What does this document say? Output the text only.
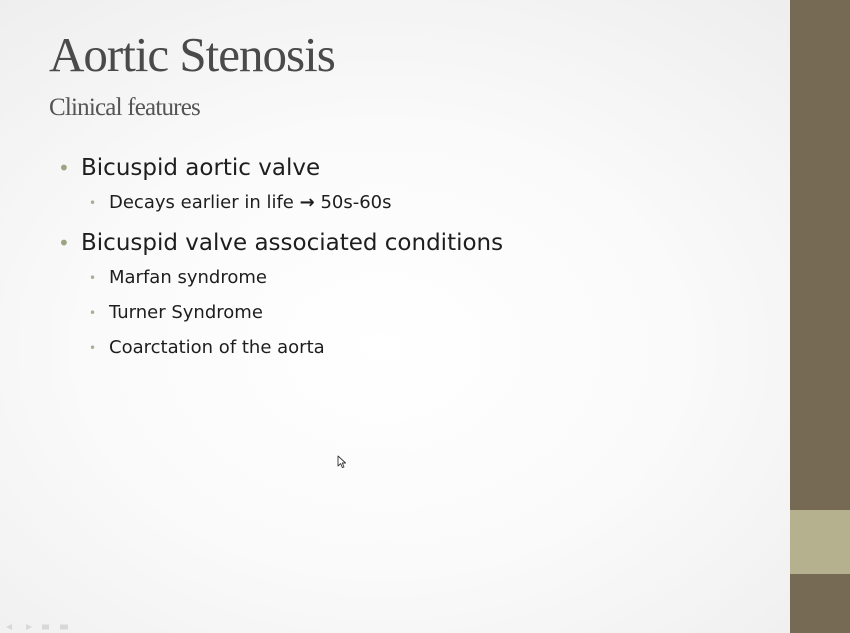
Aortic Stenosis
Clinical features
• Bicuspid aortic valve
• Decays earlier in life → 50s-60s
• Bicuspid valve associated conditions
• Marfan syndrome
• Turner Syndrome
• Coarctation of the aorta
